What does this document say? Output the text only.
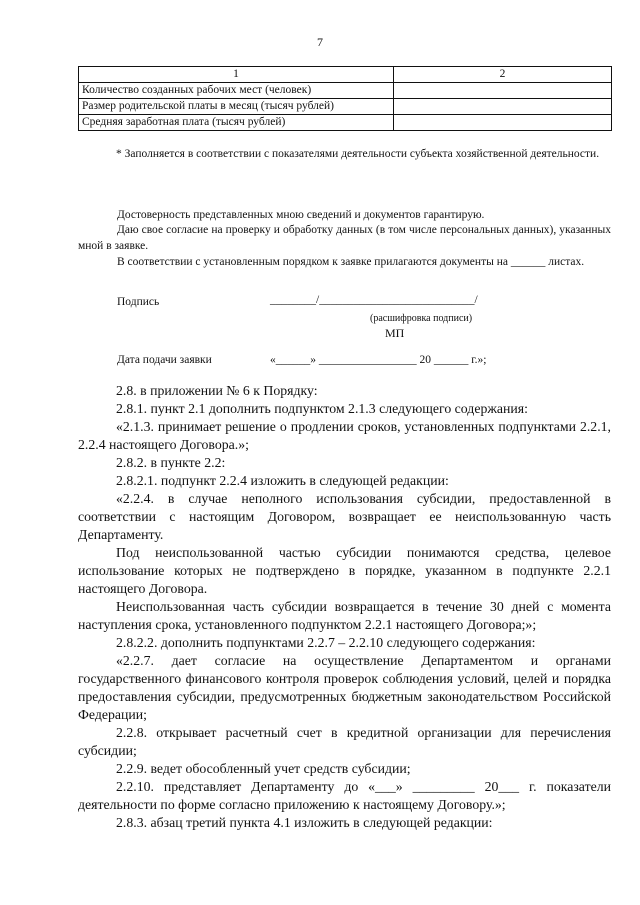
7
1	2
Количество созданных рабочих мест (человек)	
Размер родительской платы в месяц (тысяч рублей)	
Средняя заработная плата (тысяч рублей)	
* Заполняется в соответствии с показателями деятельности субъекта хозяйственной деятельности.
Достоверность представленных мною сведений и документов гарантирую.
Даю свое согласие на проверку и обработку данных (в том числе персональных данных), указанных мной в заявке.
В соответствии с установленным порядком к заявке прилагаются документы на ______ листах.
Подпись	________/___________________________/
(расшифровка подписи)
МП
Дата подачи заявки	«______» _________________ 20 ______ г.»;

2.8. в приложении № 6 к Порядку:

2.8.1. пункт 2.1 дополнить подпунктом 2.1.3 следующего содержания:

«2.1.3. принимает решение о продлении сроков, установленных подпунктами 2.2.1, 2.2.4 настоящего Договора.»;

2.8.2. в пункте 2.2:

2.8.2.1. подпункт 2.2.4 изложить в следующей редакции:

«2.2.4. в случае неполного использования субсидии, предоставленной в соответствии с настоящим Договором, возвращает ее неиспользованную часть Департаменту.

Под неиспользованной частью субсидии понимаются средства, целевое использование которых не подтверждено в порядке, указанном в подпункте 2.2.1 настоящего Договора.

Неиспользованная часть субсидии возвращается в течение 30 дней с момента наступления срока, установленного подпунктом 2.2.1 настоящего Договора;»;

2.8.2.2. дополнить подпунктами 2.2.7 – 2.2.10 следующего содержания:

«2.2.7. дает согласие на осуществление Департаментом и органами государственного финансового контроля проверок соблюдения условий, целей и порядка предоставления субсидии, предусмотренных бюджетным законодательством Российской Федерации;

2.2.8. открывает расчетный счет в кредитной организации для перечисления субсидии;

2.2.9. ведет обособленный учет средств субсидии;

2.2.10. представляет Департаменту до «___» _________ 20___ г. показатели деятельности по форме согласно приложению к настоящему Договору.»;

2.8.3. абзац третий пункта 4.1 изложить в следующей редакции:
